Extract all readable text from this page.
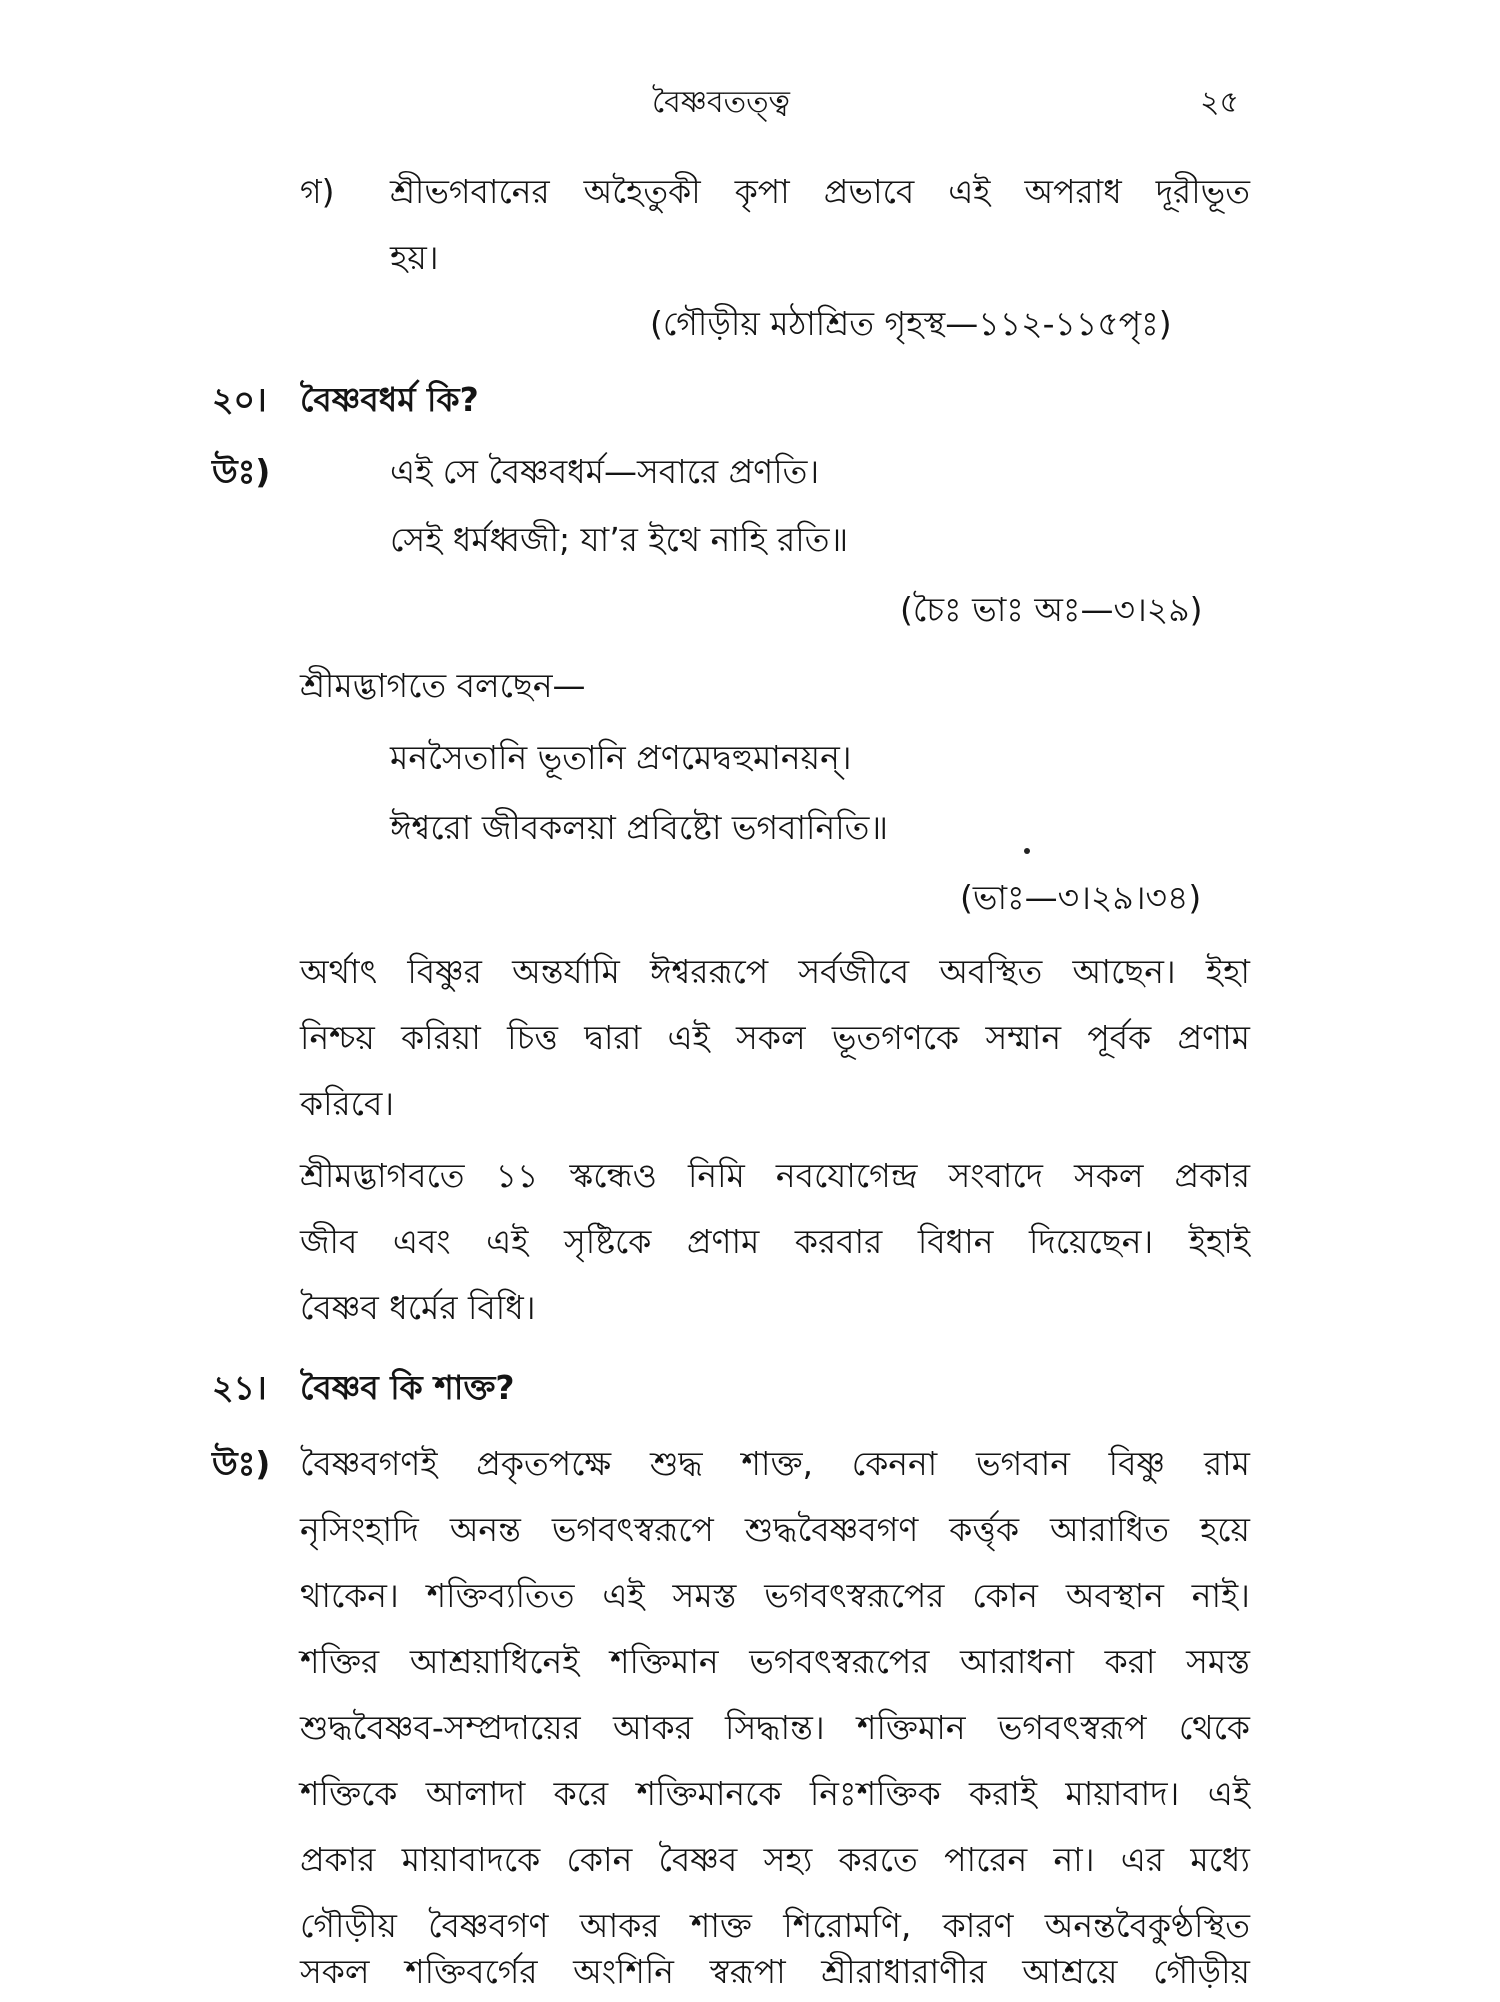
বৈষ্ণবতত্ত্ব	২৫
গ) শ্রীভগবানের অহৈতুকী কৃপা প্রভাবে এই অপরাধ দূরীভূত
হয়।
(গৌড়ীয় মঠাশ্রিত গৃহস্থ—১১২-১১৫পৃঃ)
২০। বৈষ্ণবধর্ম কি?
উঃ)	এই সে বৈষ্ণবধর্ম—সবারে প্রণতি।
সেই ধর্মধ্বজী; যা’র ইথে নাহি রতি॥
(চৈঃ ভাঃ অঃ—৩।২৯)
শ্রীমদ্ভাগতে বলছেন—
মনসৈতানি ভূতানি প্রণমেদ্বহুমানয়ন্।
ঈশ্বরো জীবকলয়া প্রবিষ্টো ভগবানিতি॥
(ভাঃ—৩।২৯।৩৪)
অর্থাৎ বিষ্ণুর অন্তর্যামি ঈশ্বররূপে সর্বজীবে অবস্থিত আছেন। ইহা
নিশ্চয় করিয়া চিত্ত দ্বারা এই সকল ভূতগণকে সম্মান পূর্বক প্রণাম
করিবে।
শ্রীমদ্ভাগবতে ১১ স্কন্ধেও নিমি নবযোগেন্দ্র সংবাদে সকল প্রকার
জীব এবং এই সৃষ্টিকে প্রণাম করবার বিধান দিয়েছেন। ইহাই
বৈষ্ণব ধর্মের বিধি।
২১। বৈষ্ণব কি শাক্ত?
উঃ) বৈষ্ণবগণই প্রকৃতপক্ষে শুদ্ধ শাক্ত, কেননা ভগবান বিষ্ণু রাম
নৃসিংহাদি অনন্ত ভগবৎস্বরূপে শুদ্ধবৈষ্ণবগণ কর্ত্তৃক আরাধিত হয়ে
থাকেন। শক্তিব্যতিত এই সমস্ত ভগবৎস্বরূপের কোন অবস্থান নাই।
শক্তির আশ্রয়াধিনেই শক্তিমান ভগবৎস্বরূপের আরাধনা করা সমস্ত
শুদ্ধবৈষ্ণব-সম্প্রদায়ের আকর সিদ্ধান্ত। শক্তিমান ভগবৎস্বরূপ থেকে
শক্তিকে আলাদা করে শক্তিমানকে নিঃশক্তিক করাই মায়াবাদ। এই
প্রকার মায়াবাদকে কোন বৈষ্ণব সহ্য করতে পারেন না। এর মধ্যে
গৌড়ীয় বৈষ্ণবগণ আকর শাক্ত শিরোমণি, কারণ অনন্তবৈকুণ্ঠস্থিত
সকল শক্তিবর্গের অংশিনি স্বরূপা শ্রীরাধারাণীর আশ্রয়ে গৌড়ীয়
